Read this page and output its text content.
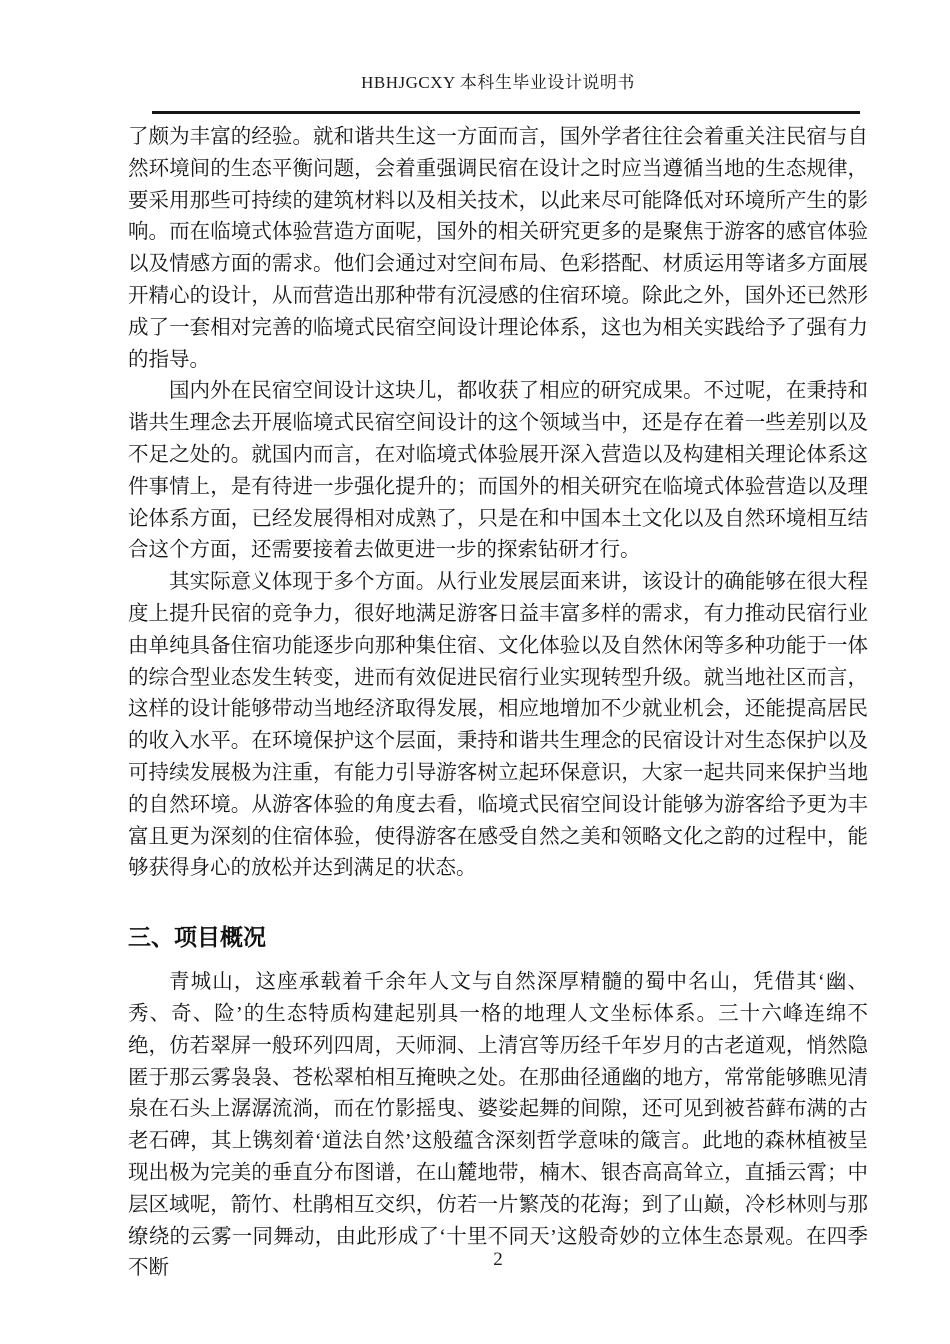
HBHJGCXY 本科生毕业设计说明书

了颇为丰富的经验。就和谐共生这一方面而言，国外学者往往会着重关注民宿与自然环境间的生态平衡问题，会着重强调民宿在设计之时应当遵循当地的生态规律，要采用那些可持续的建筑材料以及相关技术，以此来尽可能降低对环境所产生的影响。而在临境式体验营造方面呢，国外的相关研究更多的是聚焦于游客的感官体验以及情感方面的需求。他们会通过对空间布局、色彩搭配、材质运用等诸多方面展开精心的设计，从而营造出那种带有沉浸感的住宿环境。除此之外，国外还已然形成了一套相对完善的临境式民宿空间设计理论体系，这也为相关实践给予了强有力的指导。

国内外在民宿空间设计这块儿，都收获了相应的研究成果。不过呢，在秉持和谐共生理念去开展临境式民宿空间设计的这个领域当中，还是存在着一些差别以及不足之处的。就国内而言，在对临境式体验展开深入营造以及构建相关理论体系这件事情上，是有待进一步强化提升的；而国外的相关研究在临境式体验营造以及理论体系方面，已经发展得相对成熟了，只是在和中国本土文化以及自然环境相互结合这个方面，还需要接着去做更进一步的探索钻研才行。

其实际意义体现于多个方面。从行业发展层面来讲，该设计的确能够在很大程度上提升民宿的竞争力，很好地满足游客日益丰富多样的需求，有力推动民宿行业由单纯具备住宿功能逐步向那种集住宿、文化体验以及自然休闲等多种功能于一体的综合型业态发生转变，进而有效促进民宿行业实现转型升级。就当地社区而言，这样的设计能够带动当地经济取得发展，相应地增加不少就业机会，还能提高居民的收入水平。在环境保护这个层面，秉持和谐共生理念的民宿设计对生态保护以及可持续发展极为注重，有能力引导游客树立起环保意识，大家一起共同来保护当地的自然环境。从游客体验的角度去看，临境式民宿空间设计能够为游客给予更为丰富且更为深刻的住宿体验，使得游客在感受自然之美和领略文化之韵的过程中，能够获得身心的放松并达到满足的状态。

三、项目概况

青城山，这座承载着千余年人文与自然深厚精髓的蜀中名山，凭借其‘幽、秀、奇、险’的生态特质构建起别具一格的地理人文坐标体系。三十六峰连绵不绝，仿若翠屏一般环列四周，天师洞、上清宫等历经千年岁月的古老道观，悄然隐匿于那云雾袅袅、苍松翠柏相互掩映之处。在那曲径通幽的地方，常常能够瞧见清泉在石头上潺潺流淌，而在竹影摇曳、婆娑起舞的间隙，还可见到被苔藓布满的古老石碑，其上镌刻着‘道法自然’这般蕴含深刻哲学意味的箴言。此地的森林植被呈现出极为完美的垂直分布图谱，在山麓地带，楠木、银杏高高耸立，直插云霄；中层区域呢，箭竹、杜鹃相互交织，仿若一片繁茂的花海；到了山巅，冷杉林则与那缭绕的云雾一同舞动，由此形成了‘十里不同天’这般奇妙的立体生态景观。在四季不断	2
